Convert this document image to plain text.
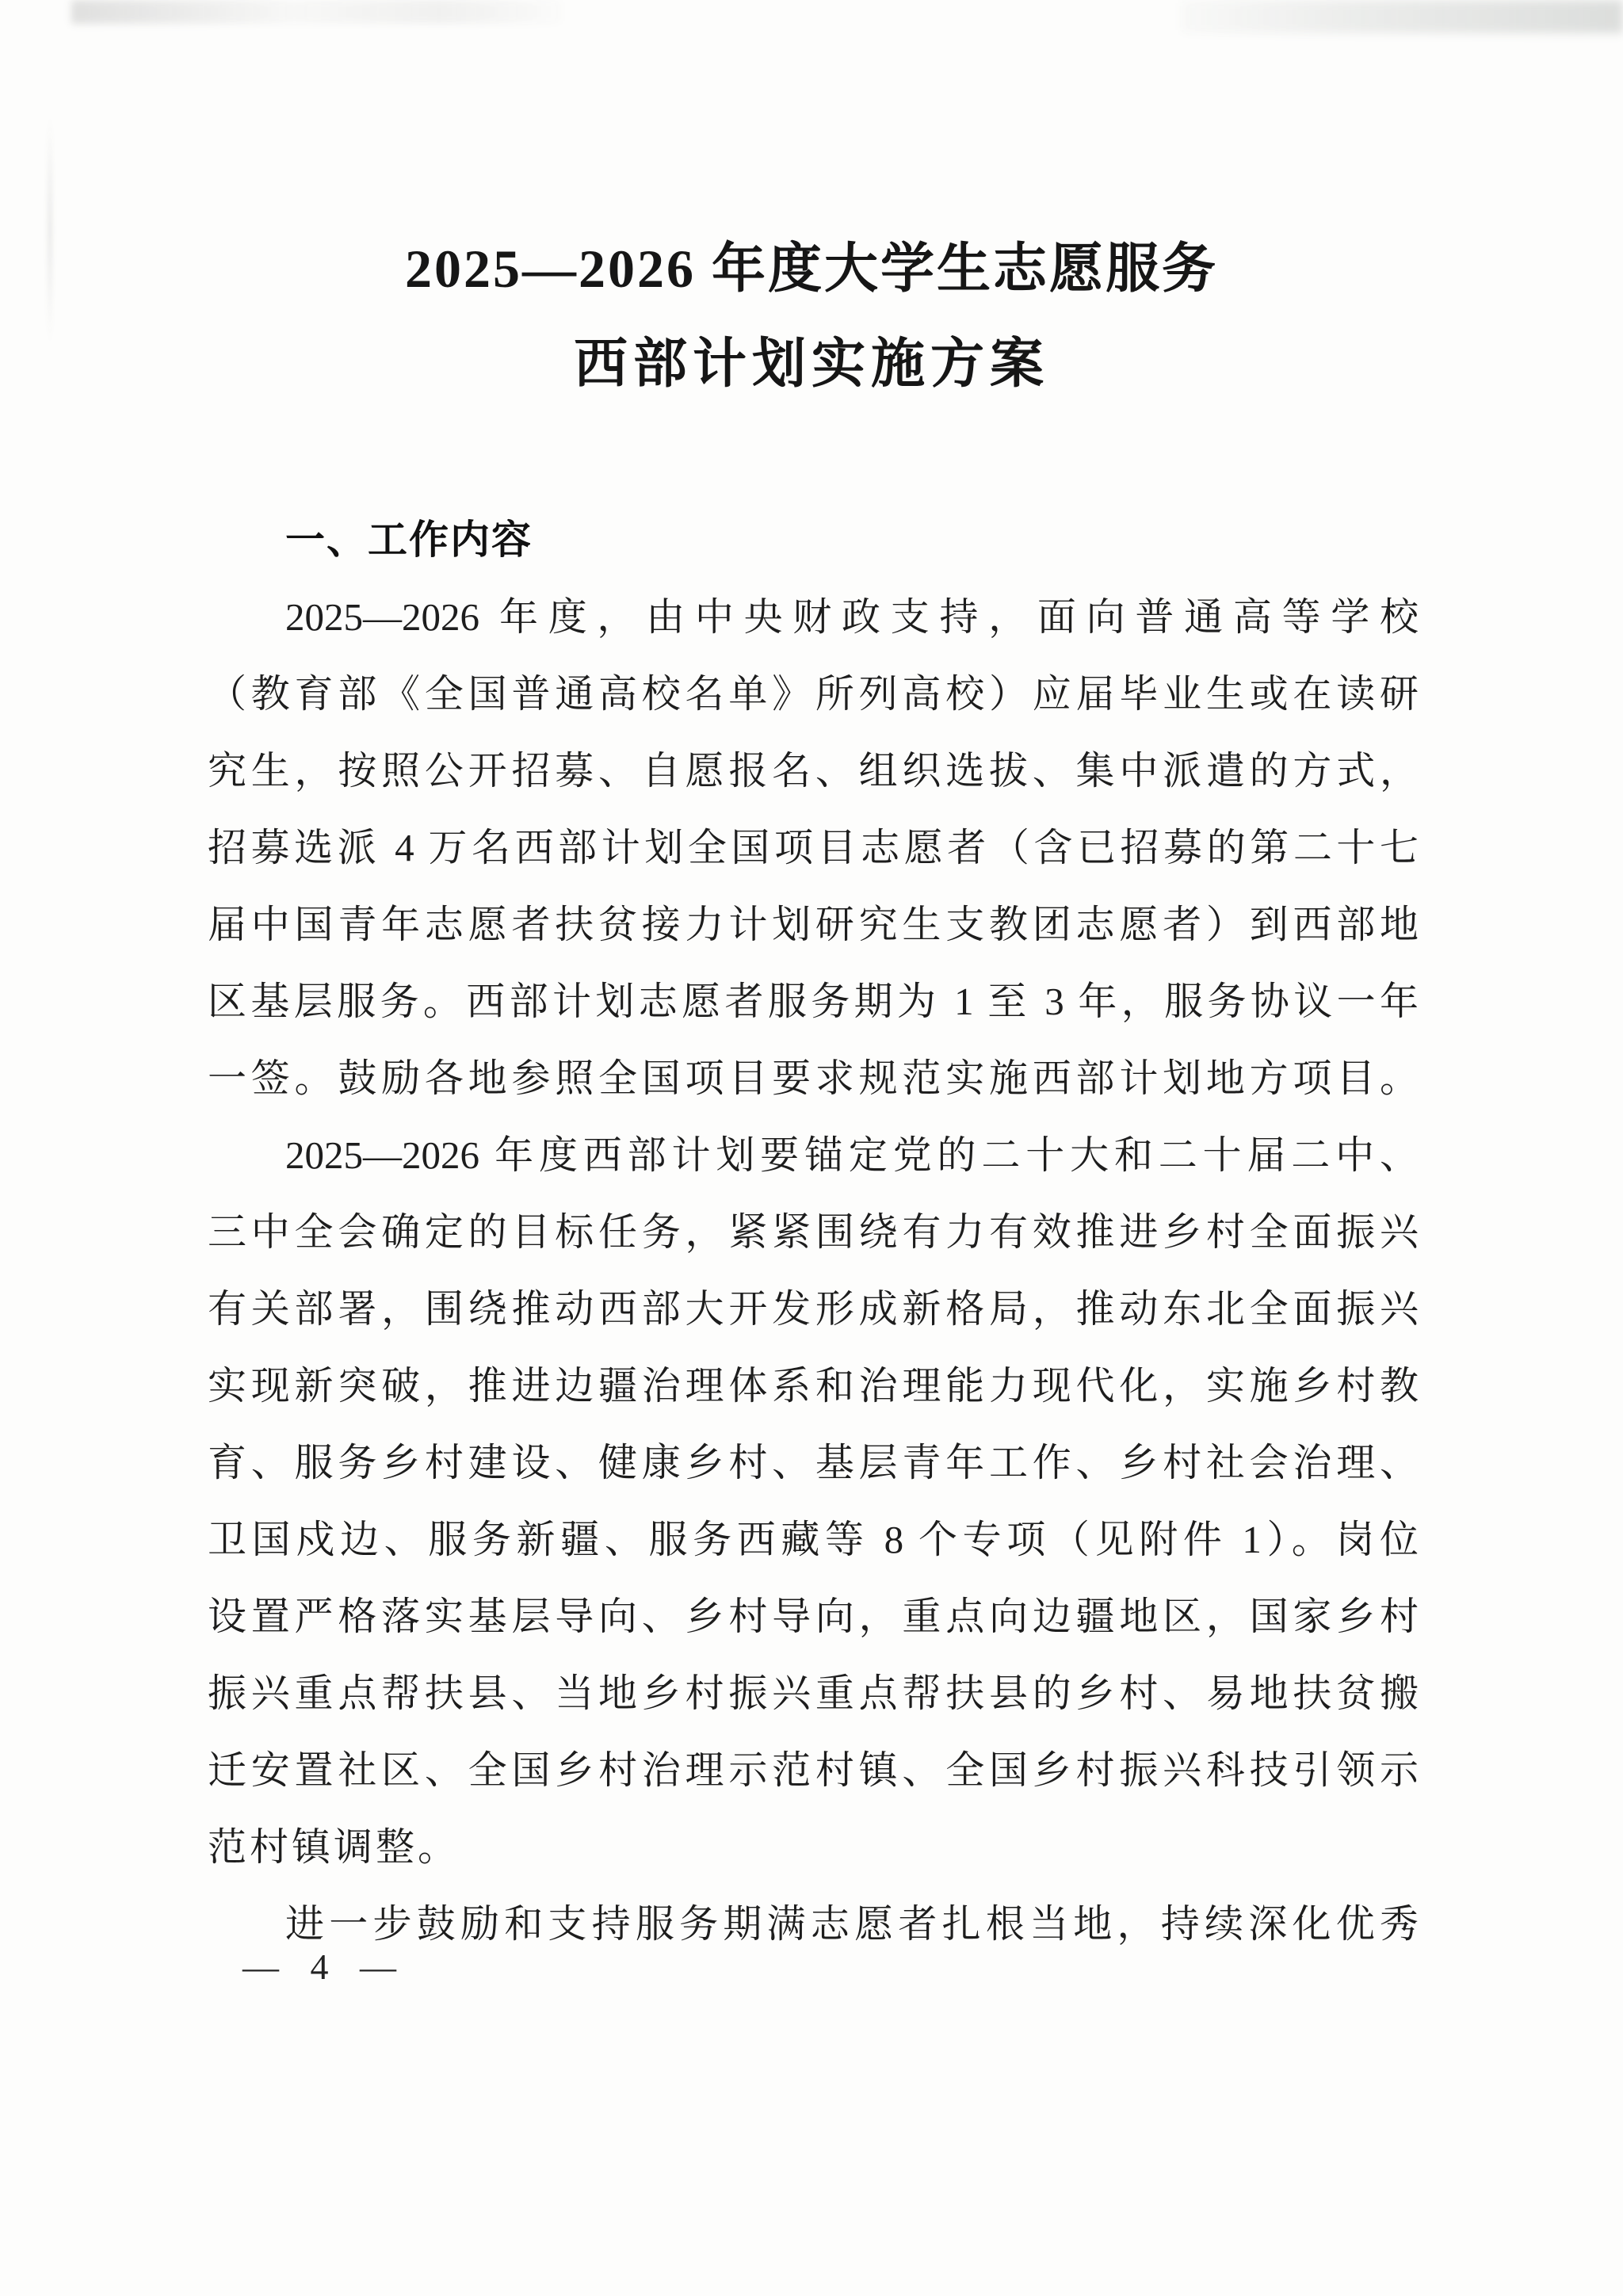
2025—2026 年度大学生志愿服务
西部计划实施方案
一、工作内容
2025—2026 年度，由中央财政支持，面向普通高等学校
（教育部《全国普通高校名单》所列高校）应届毕业生或在读研
究生，按照公开招募、自愿报名、组织选拔、集中派遣的方式，
招募选派 4 万名西部计划全国项目志愿者（含已招募的第二十七
届中国青年志愿者扶贫接力计划研究生支教团志愿者）到西部地
区基层服务。西部计划志愿者服务期为 1 至 3 年，服务协议一年
一签。鼓励各地参照全国项目要求规范实施西部计划地方项目。
2025—2026 年度西部计划要锚定党的二十大和二十届二中、
三中全会确定的目标任务，紧紧围绕有力有效推进乡村全面振兴
有关部署，围绕推动西部大开发形成新格局，推动东北全面振兴
实现新突破，推进边疆治理体系和治理能力现代化，实施乡村教
育、服务乡村建设、健康乡村、基层青年工作、乡村社会治理、
卫国戍边、服务新疆、服务西藏等 8 个专项（见附件 1）。岗位
设置严格落实基层导向、乡村导向，重点向边疆地区，国家乡村
振兴重点帮扶县、当地乡村振兴重点帮扶县的乡村、易地扶贫搬
迁安置社区、全国乡村治理示范村镇、全国乡村振兴科技引领示
范村镇调整。
进一步鼓励和支持服务期满志愿者扎根当地，持续深化优秀
— 4 —
